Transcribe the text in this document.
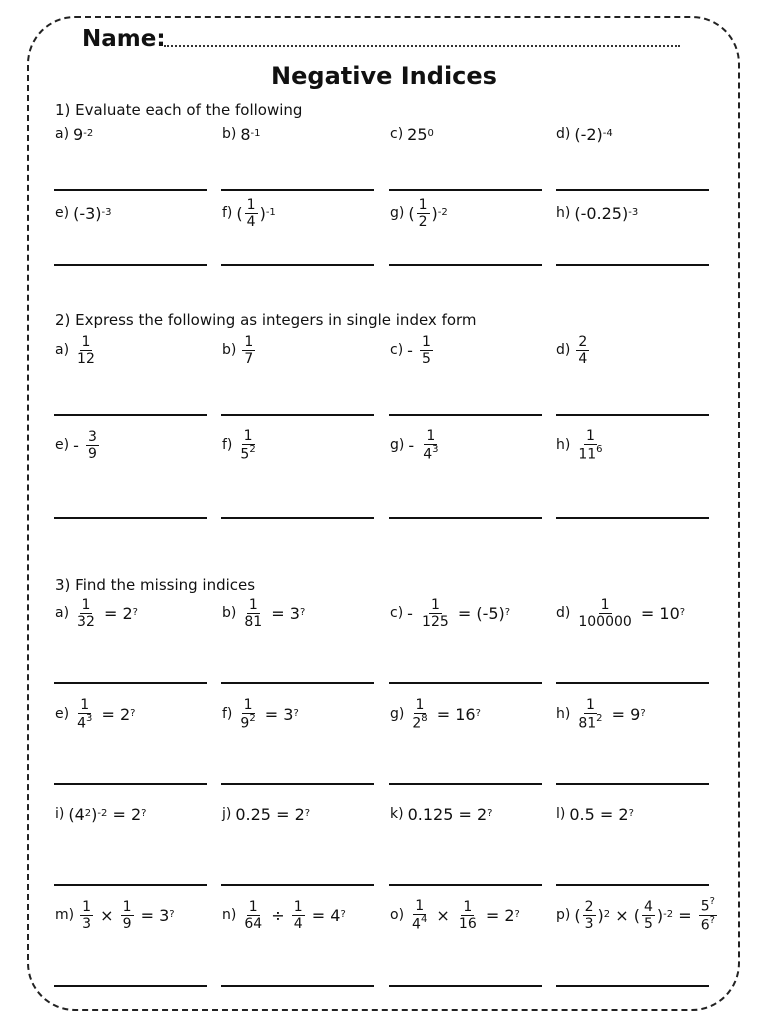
Name:
Negative Indices
1) Evaluate each of the following
2) Express the following as integers in single index form
3) Find the missing indices
a) $9^{-2}$	b) $8^{-1}$	c) $25^0$	d) $(-2)^{-4}$
e) $(-3)^{-3}$	f) ( $\frac{1}{4} )^{-1}$	g) ( $\frac{1}{2} )^{-2}$	h) $(-0.25)^{-3}$
$a) \frac{1}{12}$	$b) \frac{1}{7}$	$c) - \frac{1}{5}$	$d) \frac{2}{4}$
$e) - \frac{3}{9}$	$f) \frac{1}{5^2}$	$g) - \frac{1}{4^3}$	$h) \frac{1}{11^6}$
$a) \frac{1}{32} = 2^?$	$b) \frac{1}{81} = 3^?$	$c) - \frac{1}{125} = (-5)^?$	$d) \frac{1}{100000} = 10^?$
$e) \frac{1}{4^3} = 2^?$	$f) \frac{1}{9^2} = 3^?$	$g) \frac{1}{2^8} = 16^?$	$h) \frac{1}{81^2} = 9^?$
i) ($4^2$ )$^{-2}$ = 2?	j) 0.25 = 2?	k) 0.125 = 2?	l) 0.5 = 2?
$m) \frac{1}{3} \times \frac{1}{9} = 3^?$	$n) \frac{1}{64} \div \frac{1}{4} = 4^?$	$o) \frac{1}{4^4} \times \frac{1}{16} = 2^?$	p) ( $\frac{2}{3} )^2$ × ( $\frac{4}{5} )^{-2} = \frac{5^?}{6^?}$
